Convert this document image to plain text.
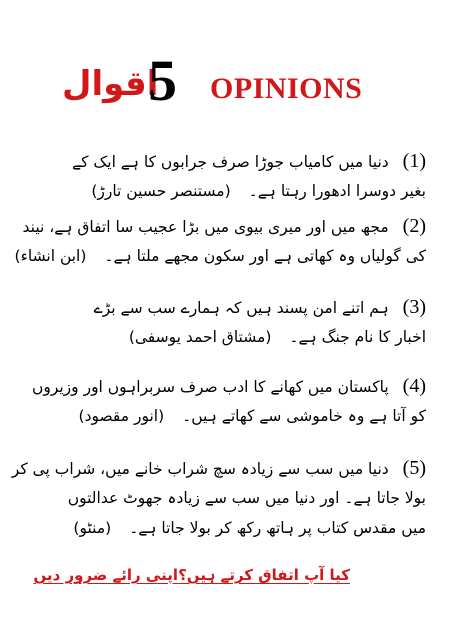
اقوال
5 OPINIONS
(1)دنیا میں کامیاب جوڑا صرف جرابوں کا ہے ایک کے
بغیر دوسرا ادھورا رہتا ہے۔(مستنصر حسین تارڑ)
(2)مجھ میں اور میری بیوی میں بڑا عجیب سا اتفاق ہے، نیند
کی گولیاں وہ کھاتی ہے اور سکون مجھے ملتا ہے۔(ابن انشاء)
(3)ہم اتنے امن پسند ہیں کہ ہمارے سب سے بڑے
اخبار کا نام جنگ ہے۔(مشتاق احمد یوسفی)
(4)پاکستان میں کھانے کا ادب صرف سربراہوں اور وزیروں
کو آتا ہے وہ خاموشی سے کھاتے ہیں۔(انور مقصود)
(5)دنیا میں سب سے زیادہ سچ شراب خانے میں، شراب پی کر
بولا جاتا ہے۔ اور دنیا میں سب سے زیادہ جھوٹ عدالتوں
میں مقدس کتاب پر ہاتھ رکھ کر بولا جاتا ہے۔(منٹو)
کیا آپ اتفاق کرتے ہیں؟
اپنی رائے ضرور دیں
